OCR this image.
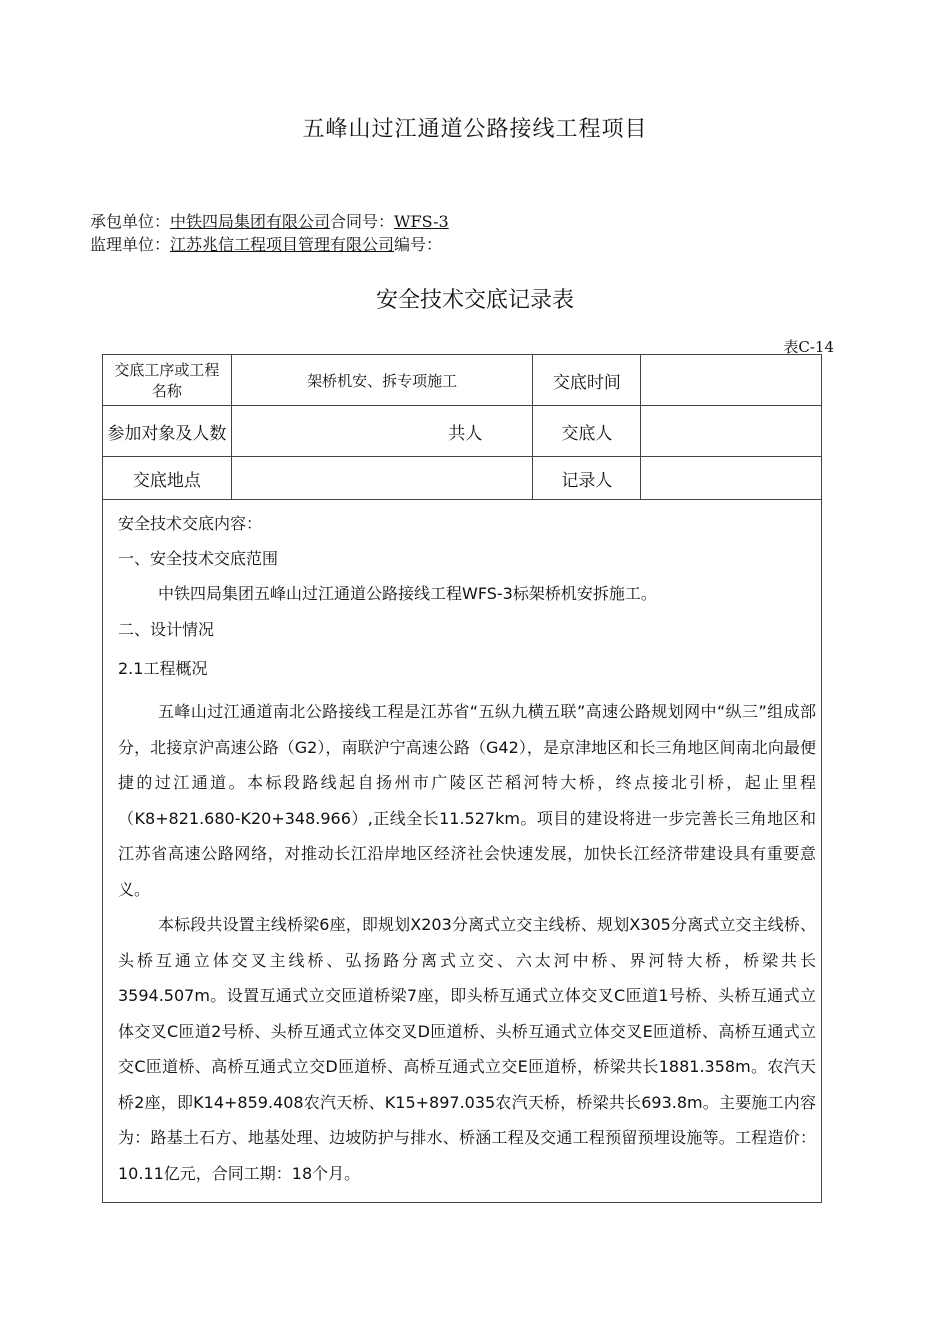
五峰山过江通道公路接线工程项目
承包单位：中铁四局集团有限公司合同号：WFS-3
监理单位：江苏兆信工程项目管理有限公司编号：
安全技术交底记录表
表C-14
交底工序或工程名称	架桥机安、拆专项施工	交底时间	
参加对象及人数	共人	交底人	
交底地点		记录人	

安全技术交底内容：

一、安全技术交底范围

中铁四局集团五峰山过江通道公路接线工程WFS-3标架桥机安拆施工。

二、设计情况

2.1工程概况

五峰山过江通道南北公路接线工程是江苏省“五纵九横五联”高速公路规划网中“纵三”组成部分，北接京沪高速公路（G2），南联沪宁高速公路（G42），是京津地区和长三角地区间南北向最便捷的过江通道。本标段路线起自扬州市广陵区芒稻河特大桥，终点接北引桥，起止里程（K8+821.680-K20+348.966）,正线全长11.527km。项目的建设将进一步完善长三角地区和江苏省高速公路网络，对推动长江沿岸地区经济社会快速发展，加快长江经济带建设具有重要意义。

本标段共设置主线桥梁6座，即规划X203分离式立交主线桥、规划X305分离式立交主线桥、头桥互通立体交叉主线桥、弘扬路分离式立交、六太河中桥、界河特大桥，桥梁共长3594.507m。设置互通式立交匝道桥梁7座，即头桥互通式立体交叉C匝道1号桥、头桥互通式立体交叉C匝道2号桥、头桥互通式立体交叉D匝道桥、头桥互通式立体交叉E匝道桥、高桥互通式立交C匝道桥、高桥互通式立交D匝道桥、高桥互通式立交E匝道桥，桥梁共长1881.358m。农汽天桥2座，即K14+859.408农汽天桥、K15+897.035农汽天桥，桥梁共长693.8m。主要施工内容为：路基土石方、地基处理、边坡防护与排水、桥涵工程及交通工程预留预埋设施等。工程造价：10.11亿元，合同工期：18个月。
